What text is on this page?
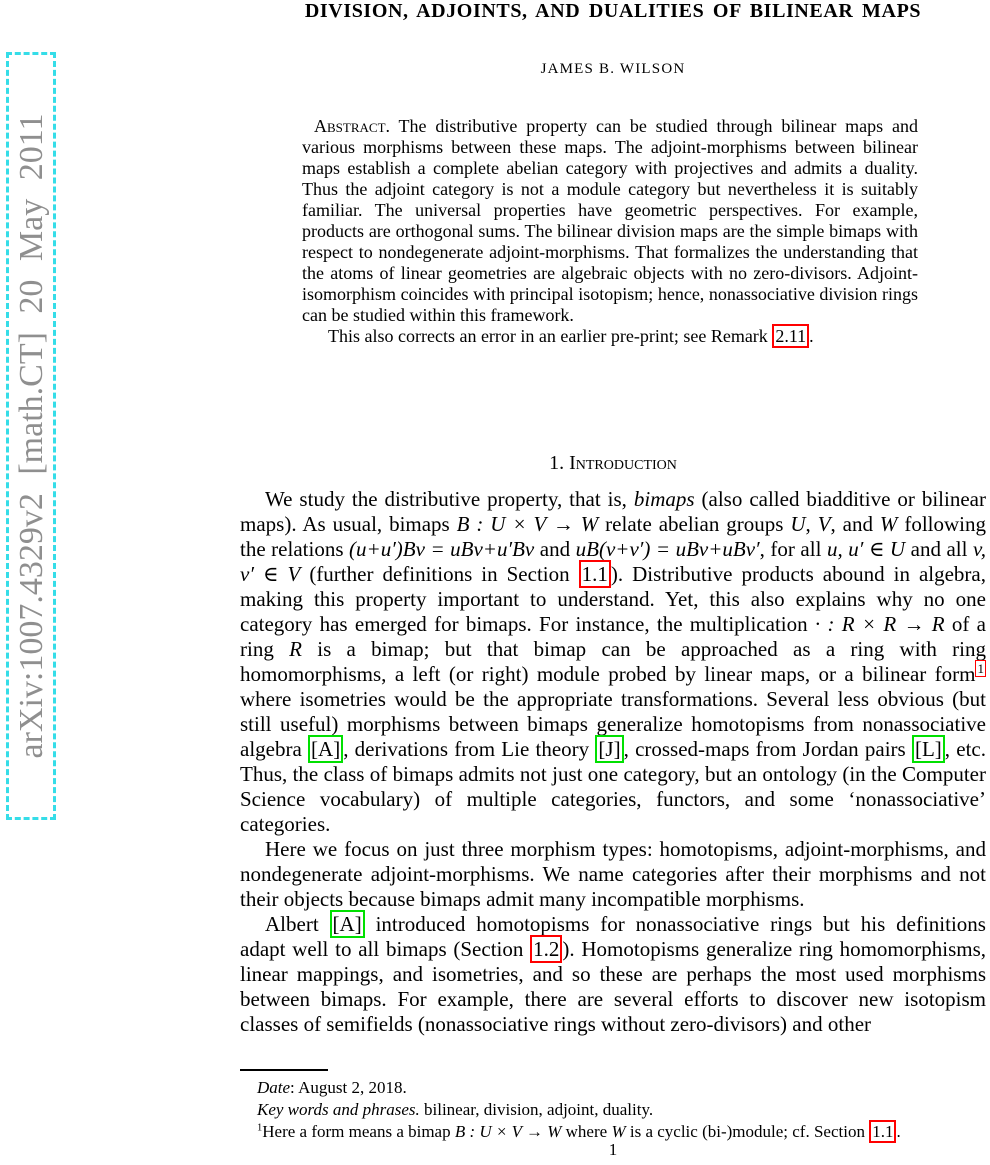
arXiv:1007.4329v2 [math.CT] 20 May 2011
DIVISION, ADJOINTS, AND DUALITIES OF BILINEAR MAPS
JAMES B. WILSON

Abstract. The distributive property can be studied through bilinear maps and various morphisms between these maps. The adjoint-morphisms between bilinear maps establish a complete abelian category with projectives and admits a duality. Thus the adjoint category is not a module category but nevertheless it is suitably familiar. The universal properties have geometric perspectives. For example, products are orthogonal sums. The bilinear division maps are the simple bimaps with respect to nondegenerate adjoint-morphisms. That formalizes the understanding that the atoms of linear geometries are algebraic objects with no zero-divisors. Adjoint-isomorphism coincides with principal isotopism; hence, nonassociative division rings can be studied within this framework.

This also corrects an error in an earlier pre-print; see Remark 2.11 .

1. Introduction

We study the distributive property, that is, bimaps (also called biadditive or bilinear maps). As usual, bimaps B : U × V → W relate abelian groups U, V, and W following the relations (u+u′)Bv = uBv+u′Bv and uB(v+v′) = uBv+uBv′, for all u, u′ ∈ U and all v, v′ ∈ V (further definitions in Section 1.1 ). Distributive products abound in algebra, making this property important to understand. Yet, this also explains why no one category has emerged for bimaps. For instance, the multiplication · : R × R → R of a ring R is a bimap; but that bimap can be approached as a ring with ring homomorphisms, a left (or right) module probed by linear maps, or a bilinear form $^1$ where isometries would be the appropriate transformations. Several less obvious (but still useful) morphisms between bimaps generalize homotopisms from nonassociative algebra [A] , derivations from Lie theory [J] , crossed-maps from Jordan pairs [L] , etc. Thus, the class of bimaps admits not just one category, but an ontology (in the Computer Science vocabulary) of multiple categories, functors, and some ‘nonassociative’ categories.

Here we focus on just three morphism types: homotopisms, adjoint-morphisms, and nondegenerate adjoint-morphisms. We name categories after their morphisms and not their objects because bimaps admit many incompatible morphisms.

Albert [A] introduced homotopisms for nonassociative rings but his definitions adapt well to all bimaps (Section 1.2 ). Homotopisms generalize ring homomorphisms, linear mappings, and isometries, and so these are perhaps the most used morphisms between bimaps. For example, there are several efforts to discover new isotopism classes of semifields (nonassociative rings without zero-divisors) and other

Date: August 2, 2018.

Key words and phrases. bilinear, division, adjoint, duality.

$^1$Here a form means a bimap B : U × V → W where W is a cyclic (bi-)module; cf. Section 1.1 .

1
